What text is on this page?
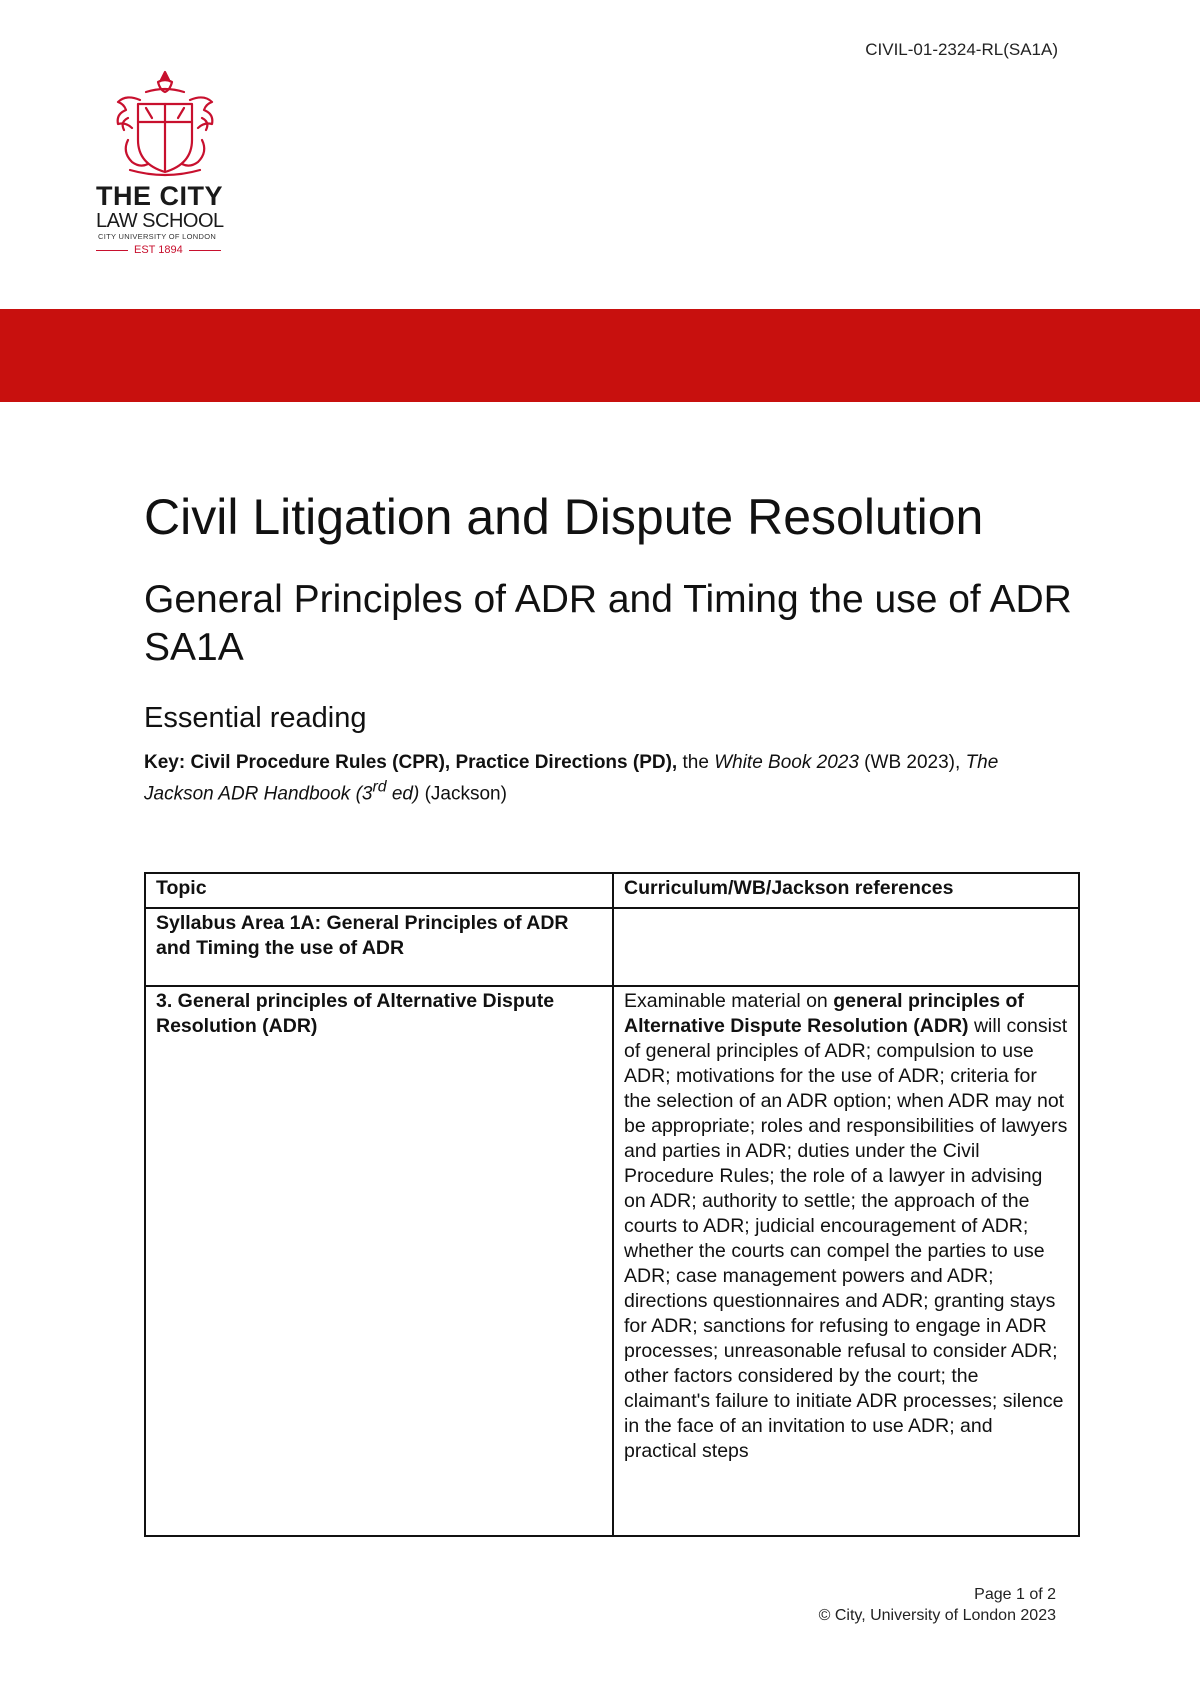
CIVIL-01-2324-RL(SA1A)
THE CITY
LAW SCHOOL
CITY UNIVERSITY OF LONDON
EST 1894
Civil Litigation and Dispute Resolution
General Principles of ADR and Timing the use of ADR SA1A
Essential reading
Key: Civil Procedure Rules (CPR), Practice Directions (PD), the White Book 2023 (WB 2023), The Jackson ADR Handbook (3rd ed) (Jackson)
Topic	Curriculum/WB/Jackson references
Syllabus Area 1A: General Principles of ADR and Timing the use of ADR	
3. General principles of Alternative Dispute Resolution (ADR)	Examinable material on general principles of Alternative Dispute Resolution (ADR) will consist of general principles of ADR; compulsion to use ADR; motivations for the use of ADR; criteria for the selection of an ADR option; when ADR may not be appropriate; roles and responsibilities of lawyers and parties in ADR; duties under the Civil Procedure Rules; the role of a lawyer in advising on ADR; authority to settle; the approach of the courts to ADR; judicial encouragement of ADR; whether the courts can compel the parties to use ADR; case management powers and ADR; directions questionnaires and ADR; granting stays for ADR; sanctions for refusing to engage in ADR processes; unreasonable refusal to consider ADR; other factors considered by the court; the claimant's failure to initiate ADR processes; silence in the face of an invitation to use ADR; and practical steps
Page 1 of 2
© City, University of London 2023
